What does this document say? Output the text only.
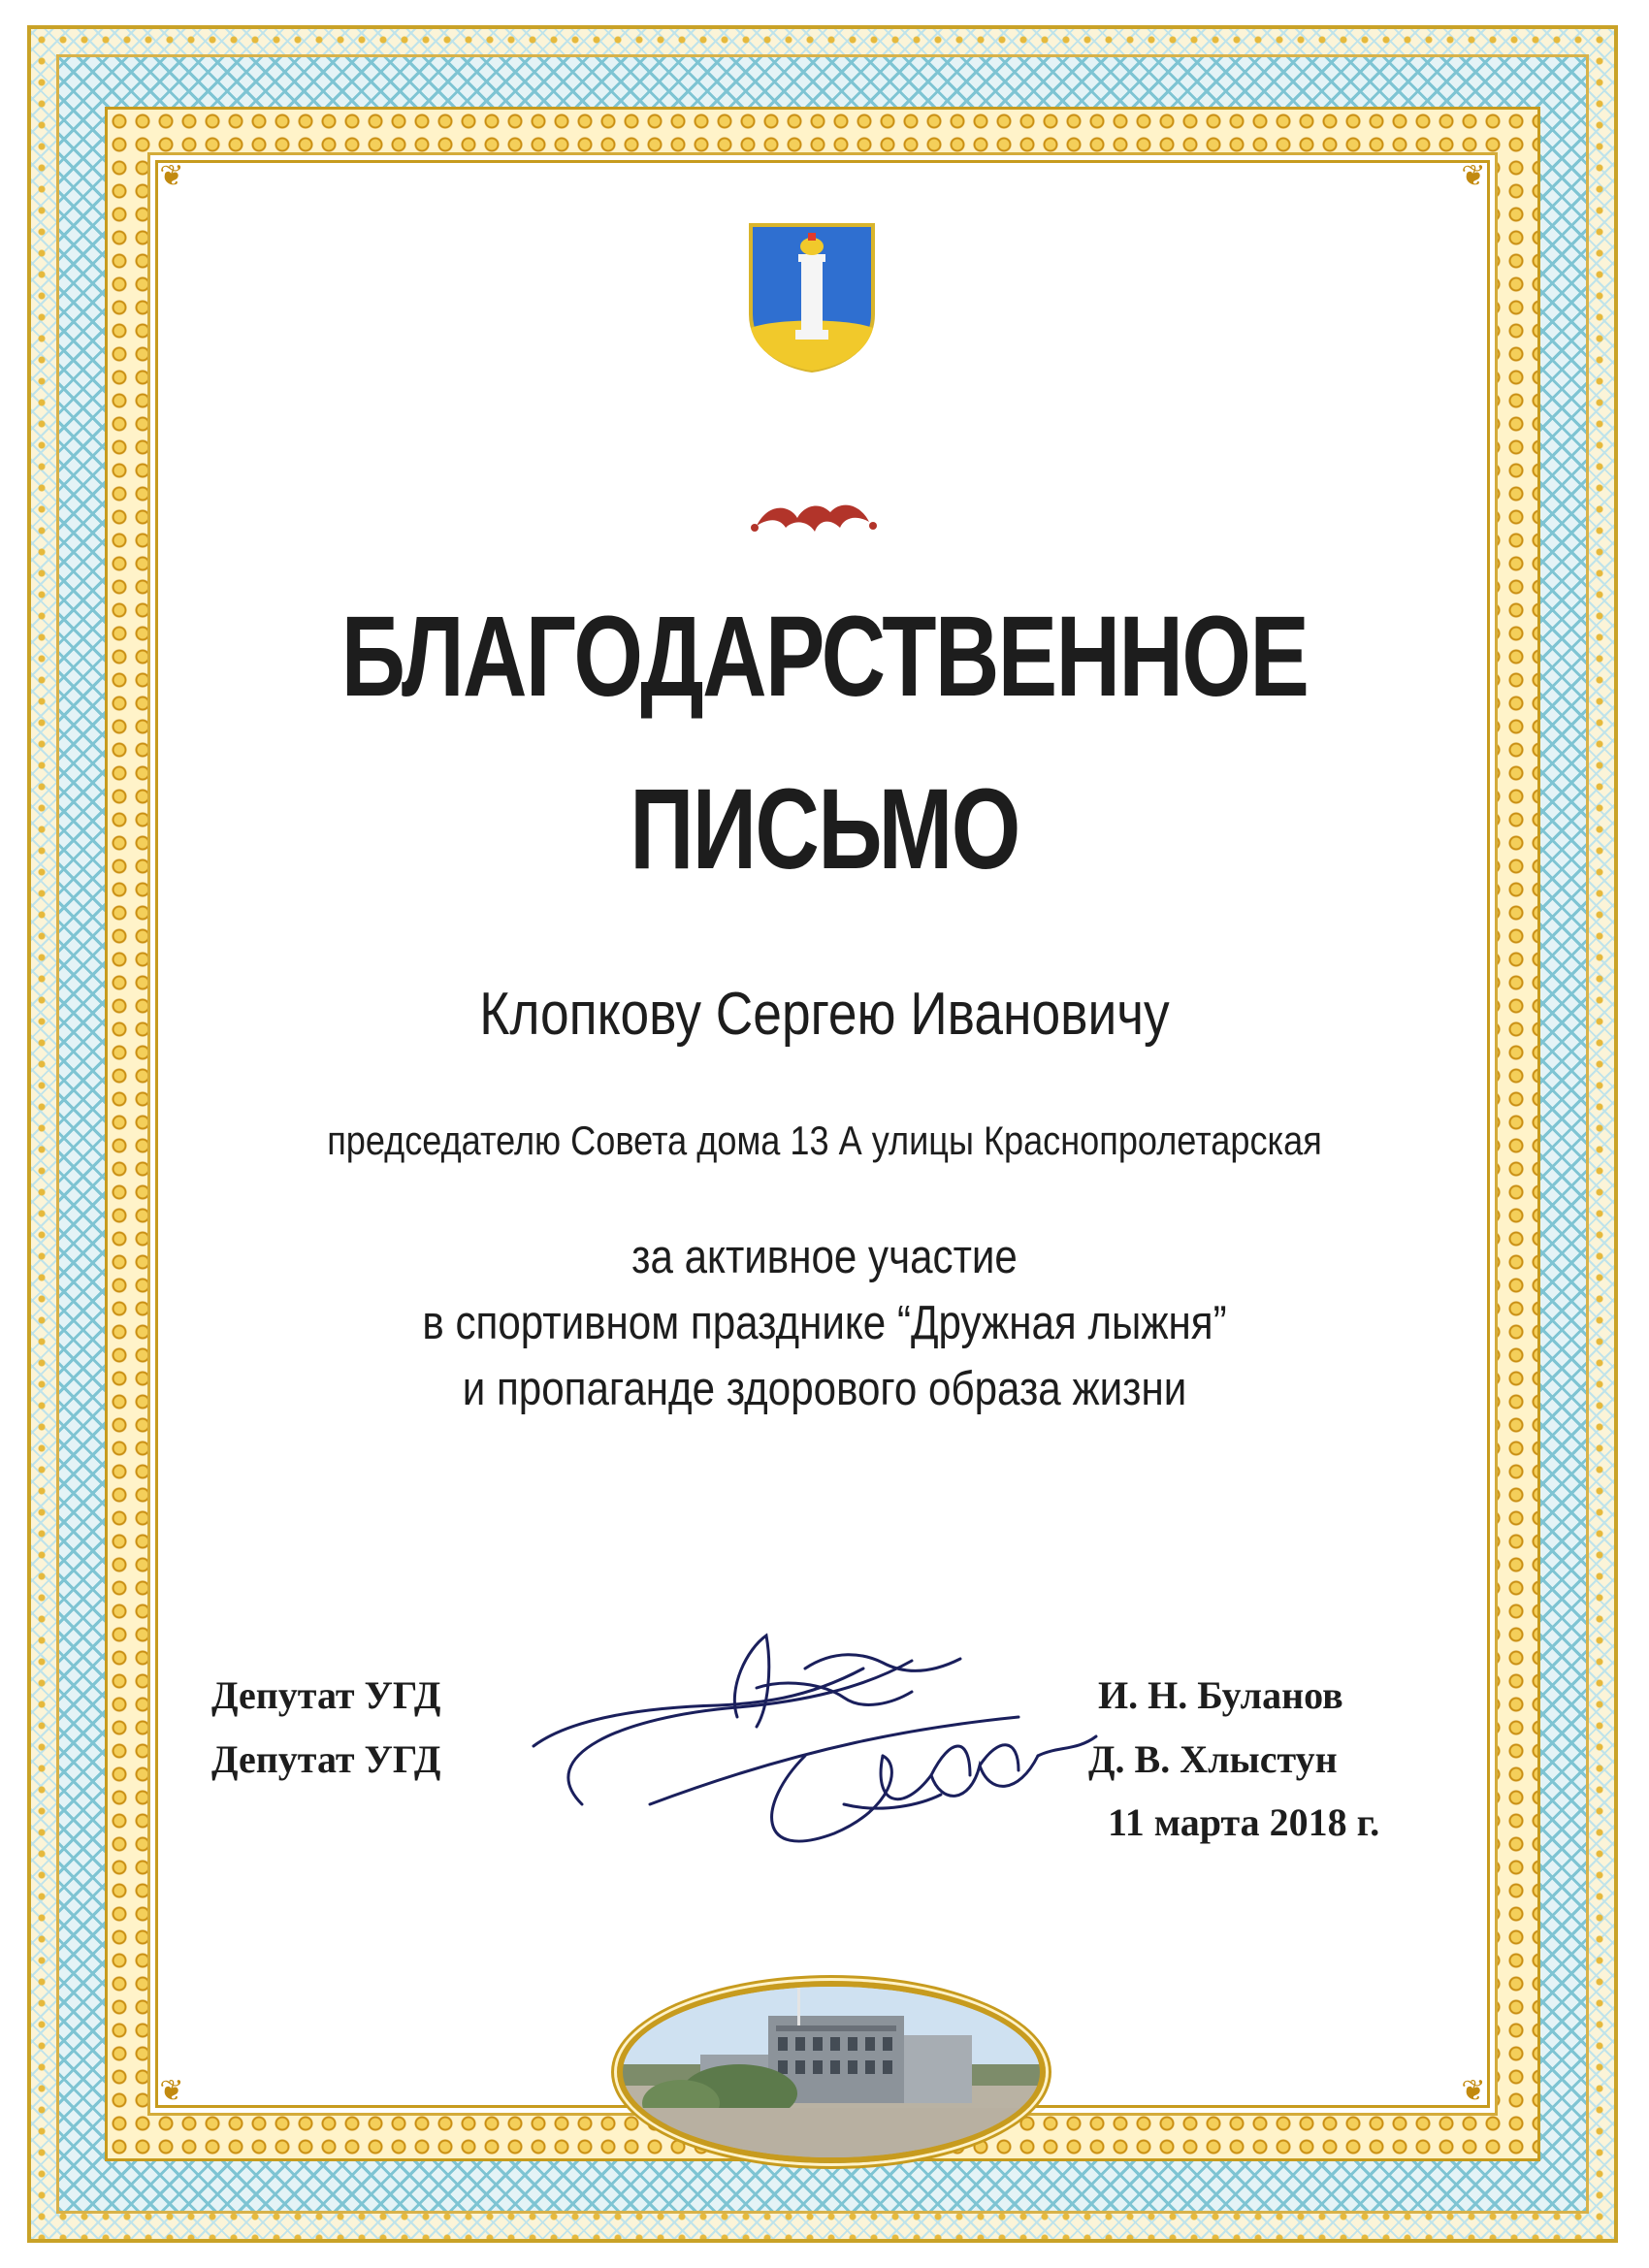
❦	❦
❦	❦
БЛАГОДАРСТВЕННОЕ
ПИСЬМО
Клопкову Сергею Ивановичу
председателю Совета дома 13 А улицы Краснопролетарская
за активное участие
в спортивном празднике “Дружная лыжня”
и пропаганде здорового образа жизни
Депутат УГД
Депутат УГД
И. Н. Буланов
Д. В. Хлыстун
11 марта 2018 г.
